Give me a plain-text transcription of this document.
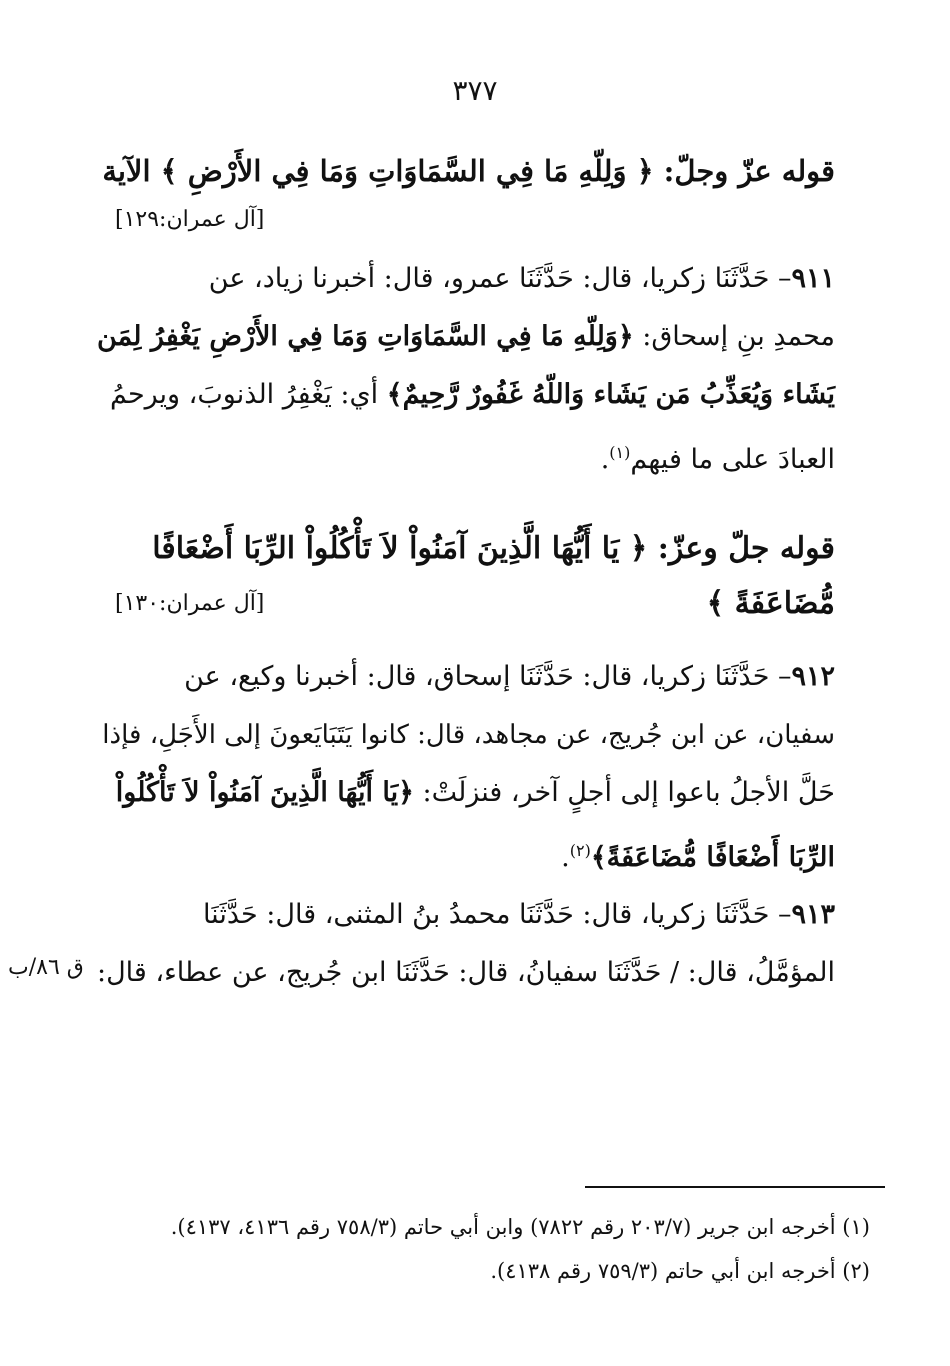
٣٧٧
قوله عزّ وجلّ: ﴿ وَلِلّهِ مَا فِي السَّمَاوَاتِ وَمَا فِي الأَرْضِ ﴾ الآية
[آل عمران:١٢٩]
٩١١– حَدَّثَنَا زكريا، قال: حَدَّثَنَا عمرو، قال: أخبرنا زياد، عن
محمدِ بنِ إسحاق: ﴿وَلِلّهِ مَا فِي السَّمَاوَاتِ وَمَا فِي الأَرْضِ يَغْفِرُ لِمَن
يَشَاء وَيُعَذِّبُ مَن يَشَاء وَاللّهُ غَفُورٌ رَّحِيمٌ﴾ أي: يَغْفِرُ الذنوبَ، ويرحمُ
العبادَ على ما فيهم$^{(١)}$.
قوله جلّ وعزّ: ﴿ يَا أَيُّهَا الَّذِينَ آمَنُواْ لاَ تَأْكُلُواْ الرِّبَا أَضْعَافًا
مُّضَاعَفَةً ﴾
[آل عمران:١٣٠]
٩١٢– حَدَّثَنَا زكريا، قال: حَدَّثَنَا إسحاق، قال: أخبرنا وكيع، عن
سفيان، عن ابن جُريج، عن مجاهد، قال: كانوا يَتَبَايَعونَ إلى الأَجَلِ، فإذا
حَلَّ الأجلُ باعوا إلى أجلٍ آخر، فنزلَتْ: ﴿يَا أَيُّهَا الَّذِينَ آمَنُواْ لاَ تَأْكُلُواْ
الرِّبَا أَضْعَافًا مُّضَاعَفَةً﴾$^{(٢)}$.
٩١٣– حَدَّثَنَا زكريا، قال: حَدَّثَنَا محمدُ بنُ المثنى، قال: حَدَّثَنَا
المؤمَّلُ، قال: / حَدَّثَنَا سفيانُ، قال: حَدَّثَنَا ابن جُريج، عن عطاء، قال:
ق ٨٦/ب
(١) أخرجه ابن جرير (٢٠٣/٧ رقم ٧٨٢٢) وابن أبي حاتم (٧٥٨/٣ رقم ٤١٣٦، ٤١٣٧).
(٢) أخرجه ابن أبي حاتم (٧٥٩/٣ رقم ٤١٣٨).
